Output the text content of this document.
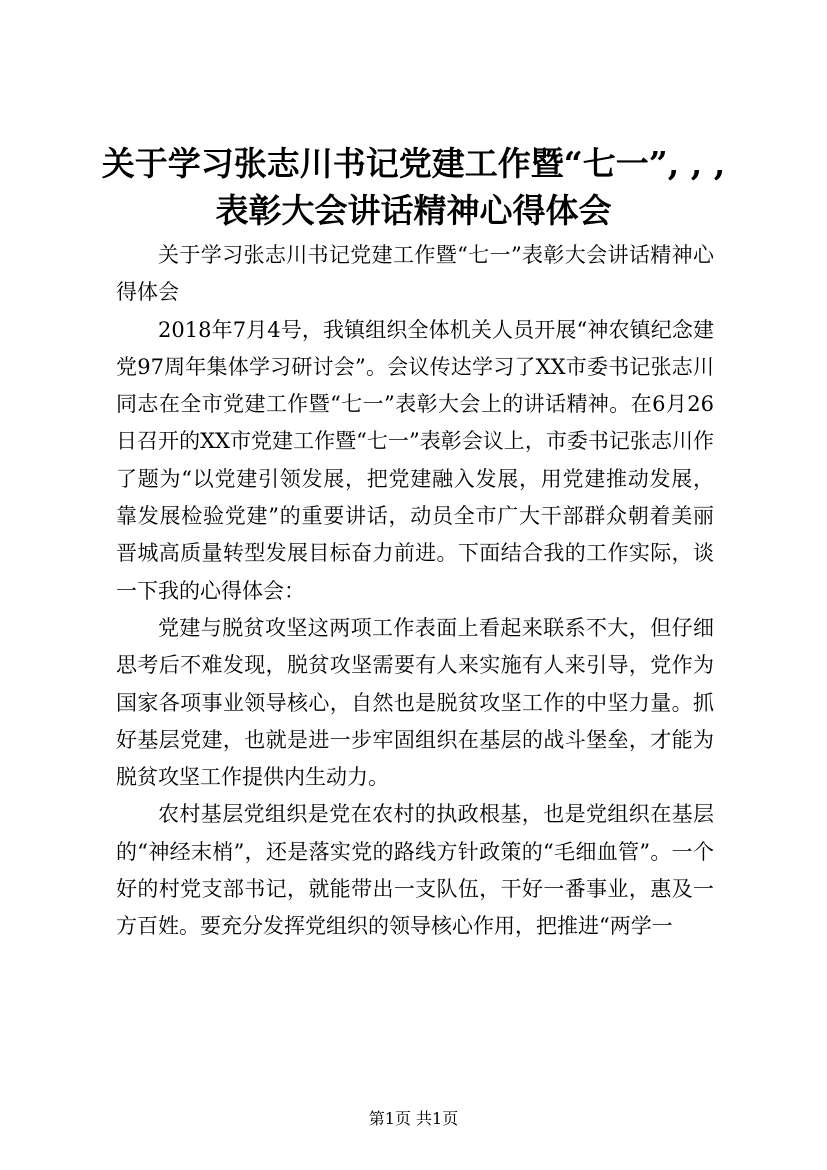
关于学习张志川书记党建工作暨“七一”, , ,
表彰大会讲话精神心得体会

关于学习张志川书记党建工作暨“七一”表彰大会讲话精神心得体会

2018年7月4号，我镇组织全体机关人员开展“神农镇纪念建党97周年集体学习研讨会”。会议传达学习了XX市委书记张志川同志在全市党建工作暨“七一”表彰大会上的讲话精神。在6月26日召开的XX市党建工作暨“七一”表彰会议上，市委书记张志川作了题为“以党建引领发展，把党建融入发展，用党建推动发展，靠发展检验党建”的重要讲话，动员全市广大干部群众朝着美丽晋城高质量转型发展目标奋力前进。下面结合我的工作实际，谈一下我的心得体会：

党建与脱贫攻坚这两项工作表面上看起来联系不大，但仔细思考后不难发现，脱贫攻坚需要有人来实施有人来引导，党作为国家各项事业领导核心，自然也是脱贫攻坚工作的中坚力量。抓好基层党建，也就是进一步牢固组织在基层的战斗堡垒，才能为脱贫攻坚工作提供内生动力。

农村基层党组织是党在农村的执政根基，也是党组织在基层的“神经末梢”，还是落实党的路线方针政策的“毛细血管”。一个好的村党支部书记，就能带出一支队伍，干好一番事业，惠及一方百姓。要充分发挥党组织的领导核心作用，把推进“两学一

第1页 共1页
